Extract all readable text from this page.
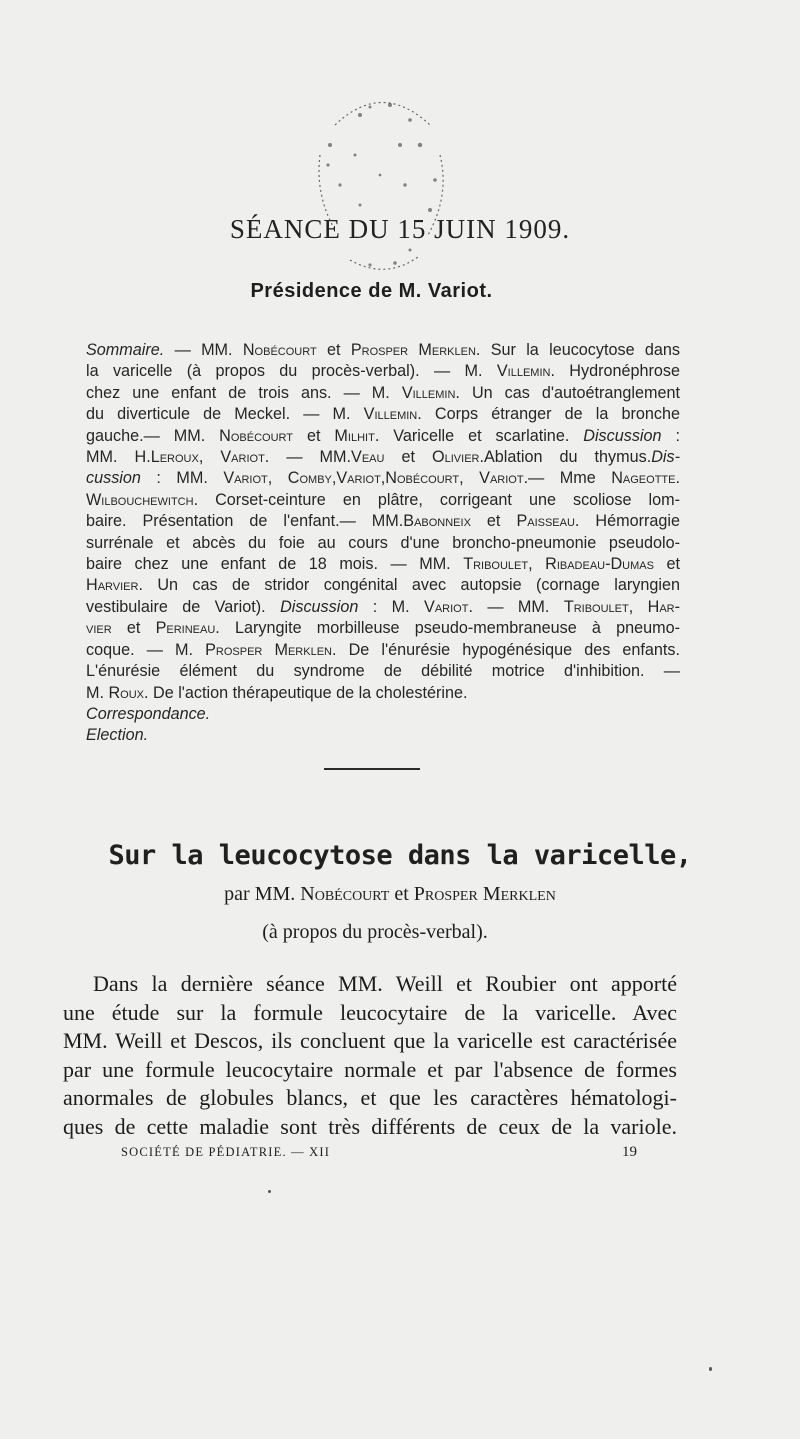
SÉANCE DU 15 JUIN 1909.
Présidence de M. Variot.
Sommaire. — MM. Nobécourt et Prosper Merklen. Sur la leucocytose dans
la varicelle (à propos du procès-verbal). — M. Villemin. Hydronéphrose
chez une enfant de trois ans. — M. Villemin. Un cas d'autoétranglement
du diverticule de Meckel. — M. Villemin. Corps étranger de la bronche
gauche.— MM. Nobécourt et Milhit. Varicelle et scarlatine. Discussion :
MM. H.Leroux, Variot. — MM.Veau et Olivier.Ablation du thymus.Dis-
cussion : MM. Variot, Comby,Variot,Nobécourt, Variot.— Mme Nageotte.
Wilbouchewitch. Corset-ceinture en plâtre, corrigeant une scoliose lom-
baire. Présentation de l'enfant.— MM.Babonneix et Paisseau. Hémorragie
surrénale et abcès du foie au cours d'une broncho-pneumonie pseudolo-
baire chez une enfant de 18 mois. — MM. Triboulet, Ribadeau-Dumas et
Harvier. Un cas de stridor congénital avec autopsie (cornage laryngien
vestibulaire de Variot). Discussion : M. Variot. — MM. Triboulet, Har-
vier et Perineau. Laryngite morbilleuse pseudo-membraneuse à pneumo-
coque. — M. Prosper Merklen. De l'énurésie hypogénésique des enfants.
L'énurésie élément du syndrome de débilité motrice d'inhibition. —
M. Roux. De l'action thérapeutique de la cholestérine.
Correspondance.
Election.
Sur la leucocytose dans la varicelle,
par MM. Nobécourt et Prosper Merklen
(à propos du procès-verbal).
Dans la dernière séance MM. Weill et Roubier ont apporté
une étude sur la formule leucocytaire de la varicelle. Avec
MM. Weill et Descos, ils concluent que la varicelle est caractérisée
par une formule leucocytaire normale et par l'absence de formes
anormales de globules blancs, et que les caractères hématologi-
ques de cette maladie sont très différents de ceux de la variole.
SOCIÉTÉ DE PÉDIATRIE. — XII	19
